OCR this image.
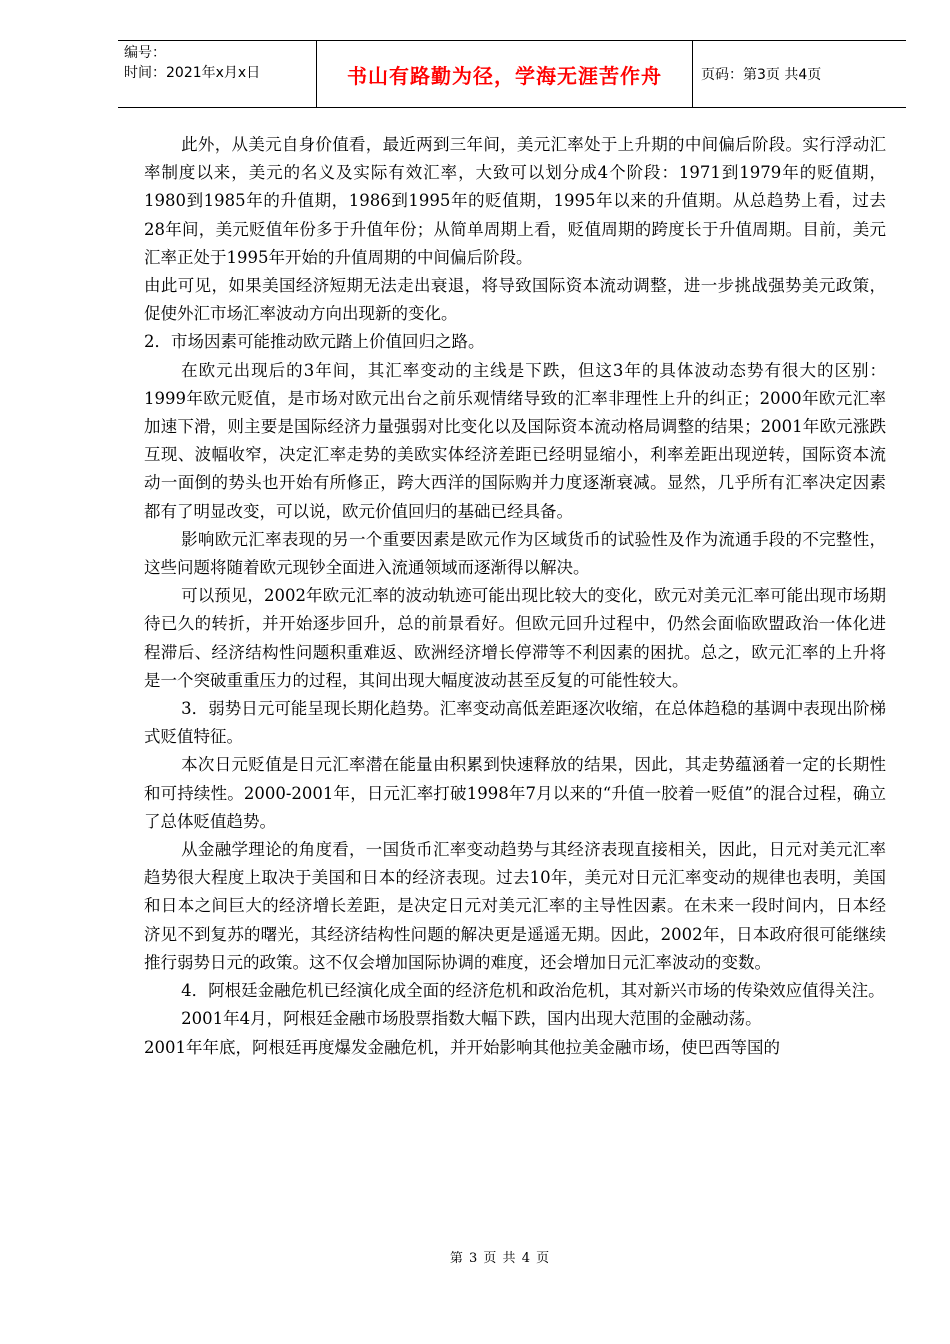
编号：
时间：2021年x月x日	书山有路勤为径，学海无涯苦作舟	页码：第3页 共4页

此外，从美元自身价值看，最近两到三年间，美元汇率处于上升期的中间偏后阶段。实行浮动汇率制度以来，美元的名义及实际有效汇率，大致可以划分成4个阶段：1971到1979年的贬值期，1980到1985年的升值期，1986到1995年的贬值期，1995年以来的升值期。从总趋势上看，过去28年间，美元贬值年份多于升值年份；从简单周期上看，贬值周期的跨度长于升值周期。目前，美元汇率正处于1995年开始的升值周期的中间偏后阶段。

由此可见，如果美国经济短期无法走出衰退，将导致国际资本流动调整，进一步挑战强势美元政策，促使外汇市场汇率波动方向出现新的变化。

2．市场因素可能推动欧元踏上价值回归之路。

在欧元出现后的3年间，其汇率变动的主线是下跌，但这3年的具体波动态势有很大的区别：1999年欧元贬值，是市场对欧元出台之前乐观情绪导致的汇率非理性上升的纠正；2000年欧元汇率加速下滑，则主要是国际经济力量强弱对比变化以及国际资本流动格局调整的结果；2001年欧元涨跌互现、波幅收窄，决定汇率走势的美欧实体经济差距已经明显缩小，利率差距出现逆转，国际资本流动一面倒的势头也开始有所修正，跨大西洋的国际购并力度逐渐衰减。显然，几乎所有汇率决定因素都有了明显改变，可以说，欧元价值回归的基础已经具备。

影响欧元汇率表现的另一个重要因素是欧元作为区域货币的试验性及作为流通手段的不完整性，这些问题将随着欧元现钞全面进入流通领域而逐渐得以解决。

可以预见，2002年欧元汇率的波动轨迹可能出现比较大的变化，欧元对美元汇率可能出现市场期待已久的转折，并开始逐步回升，总的前景看好。但欧元回升过程中，仍然会面临欧盟政治一体化进程滞后、经济结构性问题积重难返、欧洲经济增长停滞等不利因素的困扰。总之，欧元汇率的上升将是一个突破重重压力的过程，其间出现大幅度波动甚至反复的可能性较大。

3．弱势日元可能呈现长期化趋势。汇率变动高低差距逐次收缩，在总体趋稳的基调中表现出阶梯式贬值特征。

本次日元贬值是日元汇率潜在能量由积累到快速释放的结果，因此，其走势蕴涵着一定的长期性和可持续性。2000-2001年，日元汇率打破1998年7月以来的“升值一胶着一贬值”的混合过程，确立了总体贬值趋势。

从金融学理论的角度看，一国货币汇率变动趋势与其经济表现直接相关，因此，日元对美元汇率趋势很大程度上取决于美国和日本的经济表现。过去10年，美元对日元汇率变动的规律也表明，美国和日本之间巨大的经济增长差距，是决定日元对美元汇率的主导性因素。在未来一段时间内，日本经济见不到复苏的曙光，其经济结构性问题的解决更是遥遥无期。因此，2002年，日本政府很可能继续推行弱势日元的政策。这不仅会增加国际协调的难度，还会增加日元汇率波动的变数。

4．阿根廷金融危机已经演化成全面的经济危机和政治危机，其对新兴市场的传染效应值得关注。

2001年4月，阿根廷金融市场股票指数大幅下跌，国内出现大范围的金融动荡。

2001年年底，阿根廷再度爆发金融危机，并开始影响其他拉美金融市场，使巴西等国的

第 3 页 共 4 页
